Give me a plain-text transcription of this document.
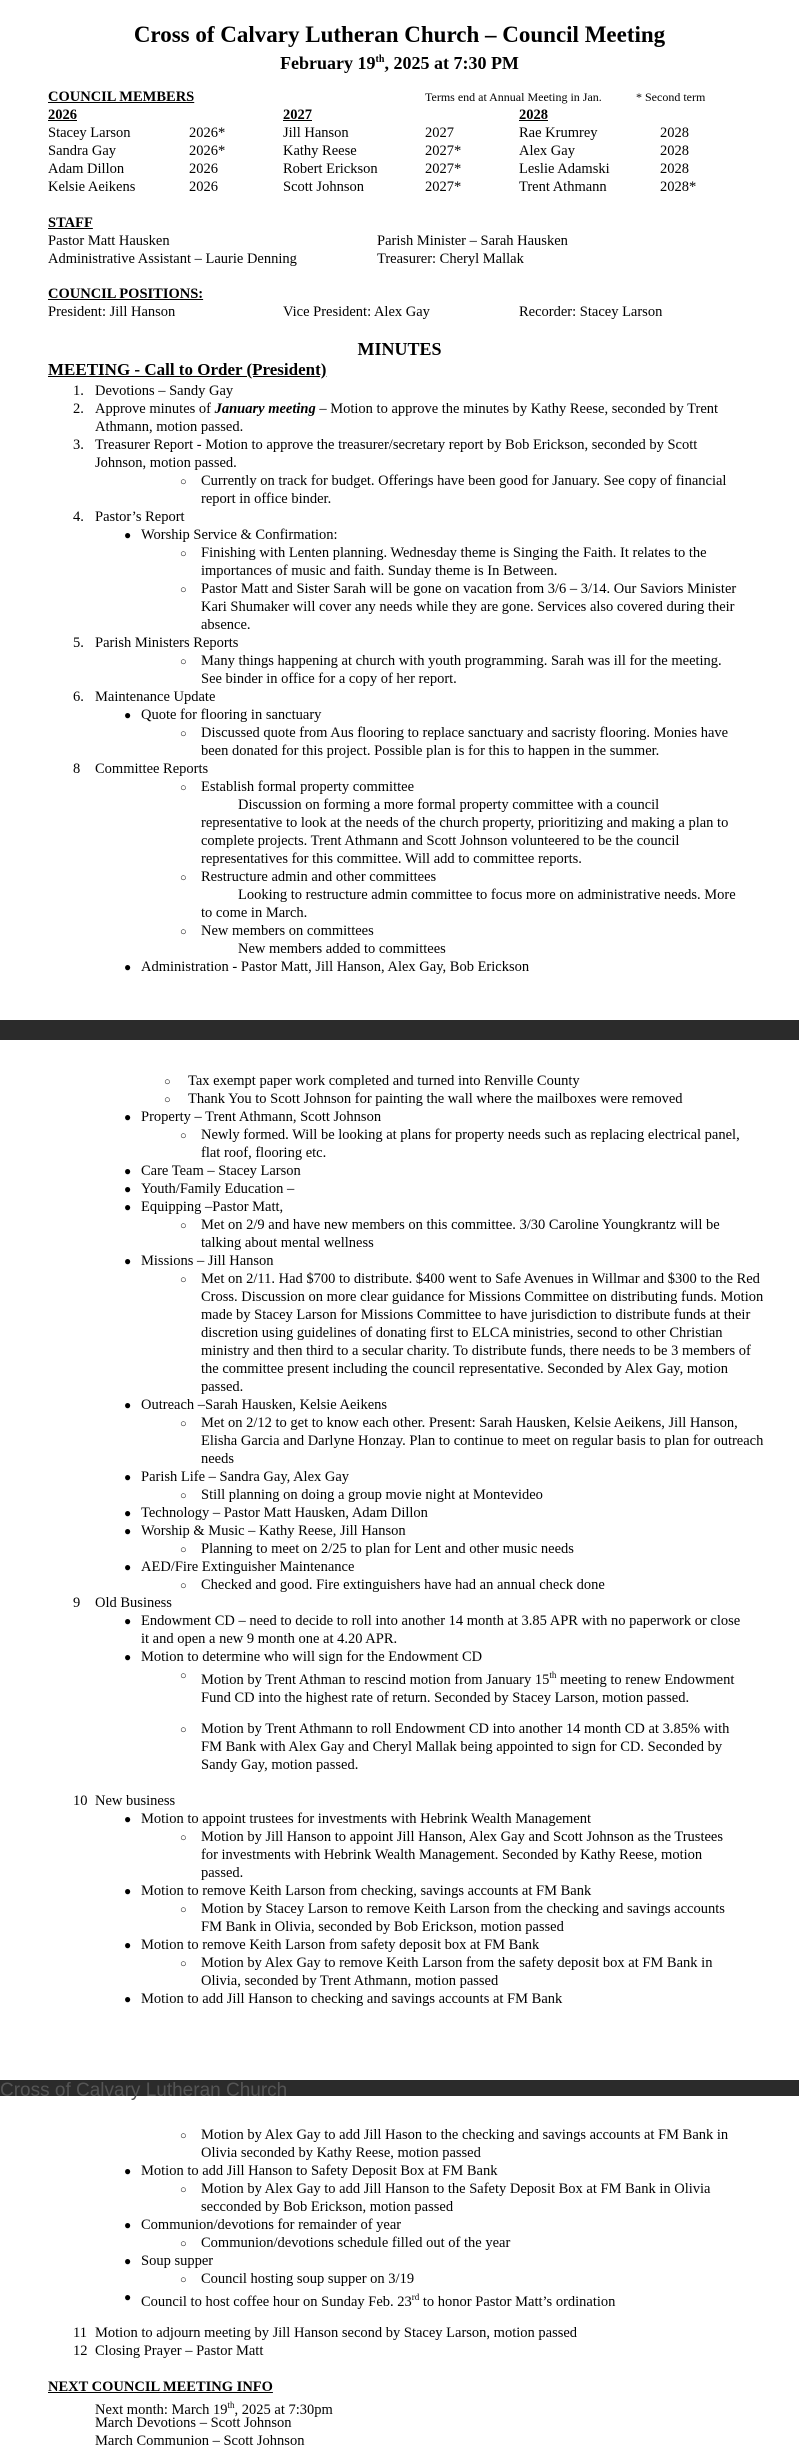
Cross of Calvary Lutheran Church – Council Meeting
February 19th, 2025 at 7:30 PM
COUNCIL MEMBERS	Terms end at Annual Meeting in Jan.	* Second term
2026	2027	2028
Stacey Larson	2026*	Jill Hanson	2027	Rae Krumrey	2028
Sandra Gay	2026*	Kathy Reese	2027*	Alex Gay	2028
Adam Dillon	2026	Robert Erickson	2027*	Leslie Adamski	2028
Kelsie Aeikens	2026	Scott Johnson	2027*	Trent Athmann	2028*
STAFF
Pastor Matt Hausken	Parish Minister – Sarah Hausken
Administrative Assistant – Laurie Denning	Treasurer: Cheryl Mallak
COUNCIL POSITIONS:
President: Jill Hanson	Vice President: Alex Gay	Recorder: Stacey Larson
MINUTES
MEETING - Call to Order (President)
1. Devotions – Sandy Gay
2. Approve minutes of January meeting – Motion to approve the minutes by Kathy Reese, seconded by Trent Athmann, motion passed.
3. Treasurer Report - Motion to approve the treasurer/secretary report by Bob Erickson, seconded by Scott Johnson, motion passed.
○ Currently on track for budget. Offerings have been good for January. See copy of financial report in office binder.
4. Pastor’s Report
● Worship Service & Confirmation:
○ Finishing with Lenten planning. Wednesday theme is Singing the Faith. It relates to the importances of music and faith. Sunday theme is In Between.
○ Pastor Matt and Sister Sarah will be gone on vacation from 3/6 – 3/14. Our Saviors Minister Kari Shumaker will cover any needs while they are gone. Services also covered during their absence.
5. Parish Ministers Reports
○ Many things happening at church with youth programming. Sarah was ill for the meeting. See binder in office for a copy of her report.
6. Maintenance Update
● Quote for flooring in sanctuary
○ Discussed quote from Aus flooring to replace sanctuary and sacristy flooring. Monies have been donated for this project. Possible plan is for this to happen in the summer.
8 Committee Reports
○ Establish formal property committee
Discussion on forming a more formal property committee with a council representative to look at the needs of the church property, prioritizing and making a plan to complete projects. Trent Athmann and Scott Johnson volunteered to be the council representatives for this committee. Will add to committee reports.
○ Restructure admin and other committees
Looking to restructure admin committee to focus more on administrative needs. More to come in March.
○ New members on committees
New members added to committees
● Administration - Pastor Matt, Jill Hanson, Alex Gay, Bob Erickson
○ Tax exempt paper work completed and turned into Renville County
○ Thank You to Scott Johnson for painting the wall where the mailboxes were removed
● Property – Trent Athmann, Scott Johnson
○ Newly formed. Will be looking at plans for property needs such as replacing electrical panel, flat roof, flooring etc.
● Care Team – Stacey Larson
● Youth/Family Education –
● Equipping –Pastor Matt,
○ Met on 2/9 and have new members on this committee. 3/30 Caroline Youngkrantz will be talking about mental wellness
● Missions – Jill Hanson
○ Met on 2/11. Had $700 to distribute. $400 went to Safe Avenues in Willmar and $300 to the Red
Cross. Discussion on more clear guidance for Missions Committee on distributing funds. Motion
made by Stacey Larson for Missions Committee to have jurisdiction to distribute funds at their
discretion using guidelines of donating first to ELCA ministries, second to other Christian
ministry and then third to a secular charity. To distribute funds, there needs to be 3 members of
the committee present including the council representative. Seconded by Alex Gay, motion
passed.
● Outreach –Sarah Hausken, Kelsie Aeikens
○ Met on 2/12 to get to know each other. Present: Sarah Hausken, Kelsie Aeikens, Jill Hanson,
Elisha Garcia and Darlyne Honzay. Plan to continue to meet on regular basis to plan for outreach
needs
● Parish Life – Sandra Gay, Alex Gay
○ Still planning on doing a group movie night at Montevideo
● Technology – Pastor Matt Hausken, Adam Dillon
● Worship & Music – Kathy Reese, Jill Hanson
○ Planning to meet on 2/25 to plan for Lent and other music needs
● AED/Fire Extinguisher Maintenance
○ Checked and good. Fire extinguishers have had an annual check done
9 Old Business
● Endowment CD – need to decide to roll into another 14 month at 3.85 APR with no paperwork or close it and open a new 9 month one at 4.20 APR.
● Motion to determine who will sign for the Endowment CD
○ Motion by Trent Athman to rescind motion from January 15th meeting to renew Endowment Fund CD into the highest rate of return. Seconded by Stacey Larson, motion passed.
○ Motion by Trent Athmann to roll Endowment CD into another 14 month CD at 3.85% with FM Bank with Alex Gay and Cheryl Mallak being appointed to sign for CD. Seconded by Sandy Gay, motion passed.
10 New business
● Motion to appoint trustees for investments with Hebrink Wealth Management
○ Motion by Jill Hanson to appoint Jill Hanson, Alex Gay and Scott Johnson as the Trustees for investments with Hebrink Wealth Management. Seconded by Kathy Reese, motion passed.
● Motion to remove Keith Larson from checking, savings accounts at FM Bank
○ Motion by Stacey Larson to remove Keith Larson from the checking and savings accounts FM Bank in Olivia, seconded by Bob Erickson, motion passed
● Motion to remove Keith Larson from safety deposit box at FM Bank
○ Motion by Alex Gay to remove Keith Larson from the safety deposit box at FM Bank in Olivia, seconded by Trent Athmann, motion passed
● Motion to add Jill Hanson to checking and savings accounts at FM Bank
Cross of Calvary Lutheran Church
○ Motion by Alex Gay to add Jill Hason to the checking and savings accounts at FM Bank in Olivia seconded by Kathy Reese, motion passed
● Motion to add Jill Hanson to Safety Deposit Box at FM Bank
○ Motion by Alex Gay to add Jill Hanson to the Safety Deposit Box at FM Bank in Olivia secconded by Bob Erickson, motion passed
● Communion/devotions for remainder of year
○ Communion/devotions schedule filled out of the year
● Soup supper
○ Council hosting soup supper on 3/19
● Council to host coffee hour on Sunday Feb. 23rd to honor Pastor Matt’s ordination
11 Motion to adjourn meeting by Jill Hanson second by Stacey Larson, motion passed
12 Closing Prayer – Pastor Matt
NEXT COUNCIL MEETING INFO
Next month: March 19th, 2025 at 7:30pm
March Devotions – Scott Johnson
March Communion – Scott Johnson
